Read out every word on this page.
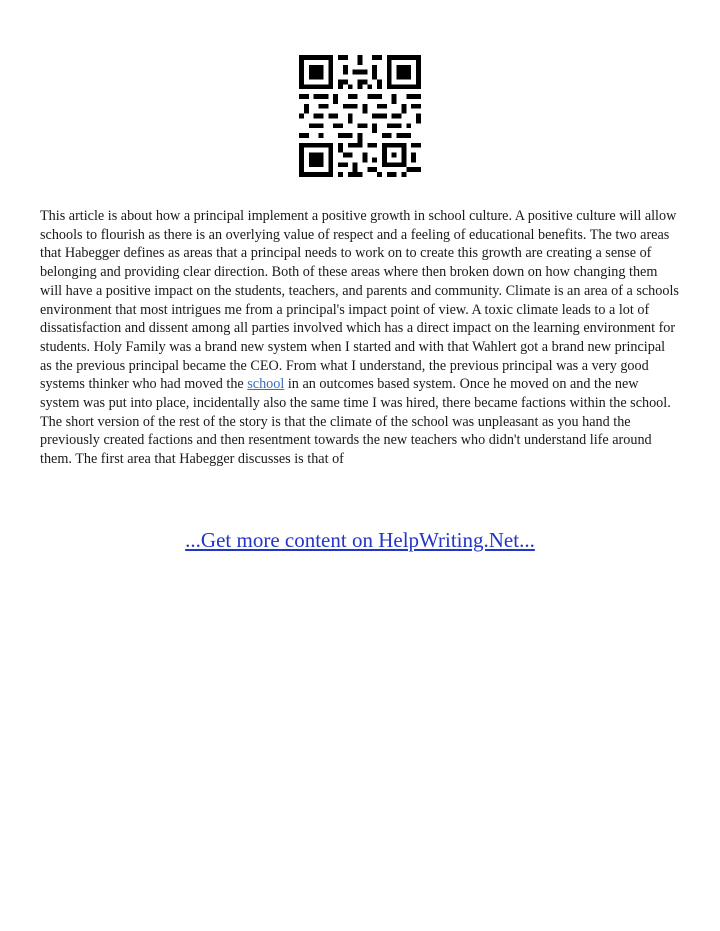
This article is about how a principal implement a positive growth in school culture. A positive culture will allow schools to flourish as there is an overlying value of respect and a feeling of educational benefits. The two areas that Habegger defines as areas that a principal needs to work on to create this growth are creating a sense of belonging and providing clear direction. Both of these areas where then broken down on how changing them will have a positive impact on the students, teachers, and parents and community. Climate is an area of a schools environment that most intrigues me from a principal's impact point of view. A toxic climate leads to a lot of dissatisfaction and dissent among all parties involved which has a direct impact on the learning environment for students. Holy Family was a brand new system when I started and with that Wahlert got a brand new principal as the previous principal became the CEO. From what I understand, the previous principal was a very good systems thinker who had moved the school in an outcomes based system. Once he moved on and the new system was put into place, incidentally also the same time I was hired, there became factions within the school. The short version of the rest of the story is that the climate of the school was unpleasant as you hand the previously created factions and then resentment towards the new teachers who didn't understand life around them. The first area that Habegger discusses is that of

...Get more content on HelpWriting.Net...
